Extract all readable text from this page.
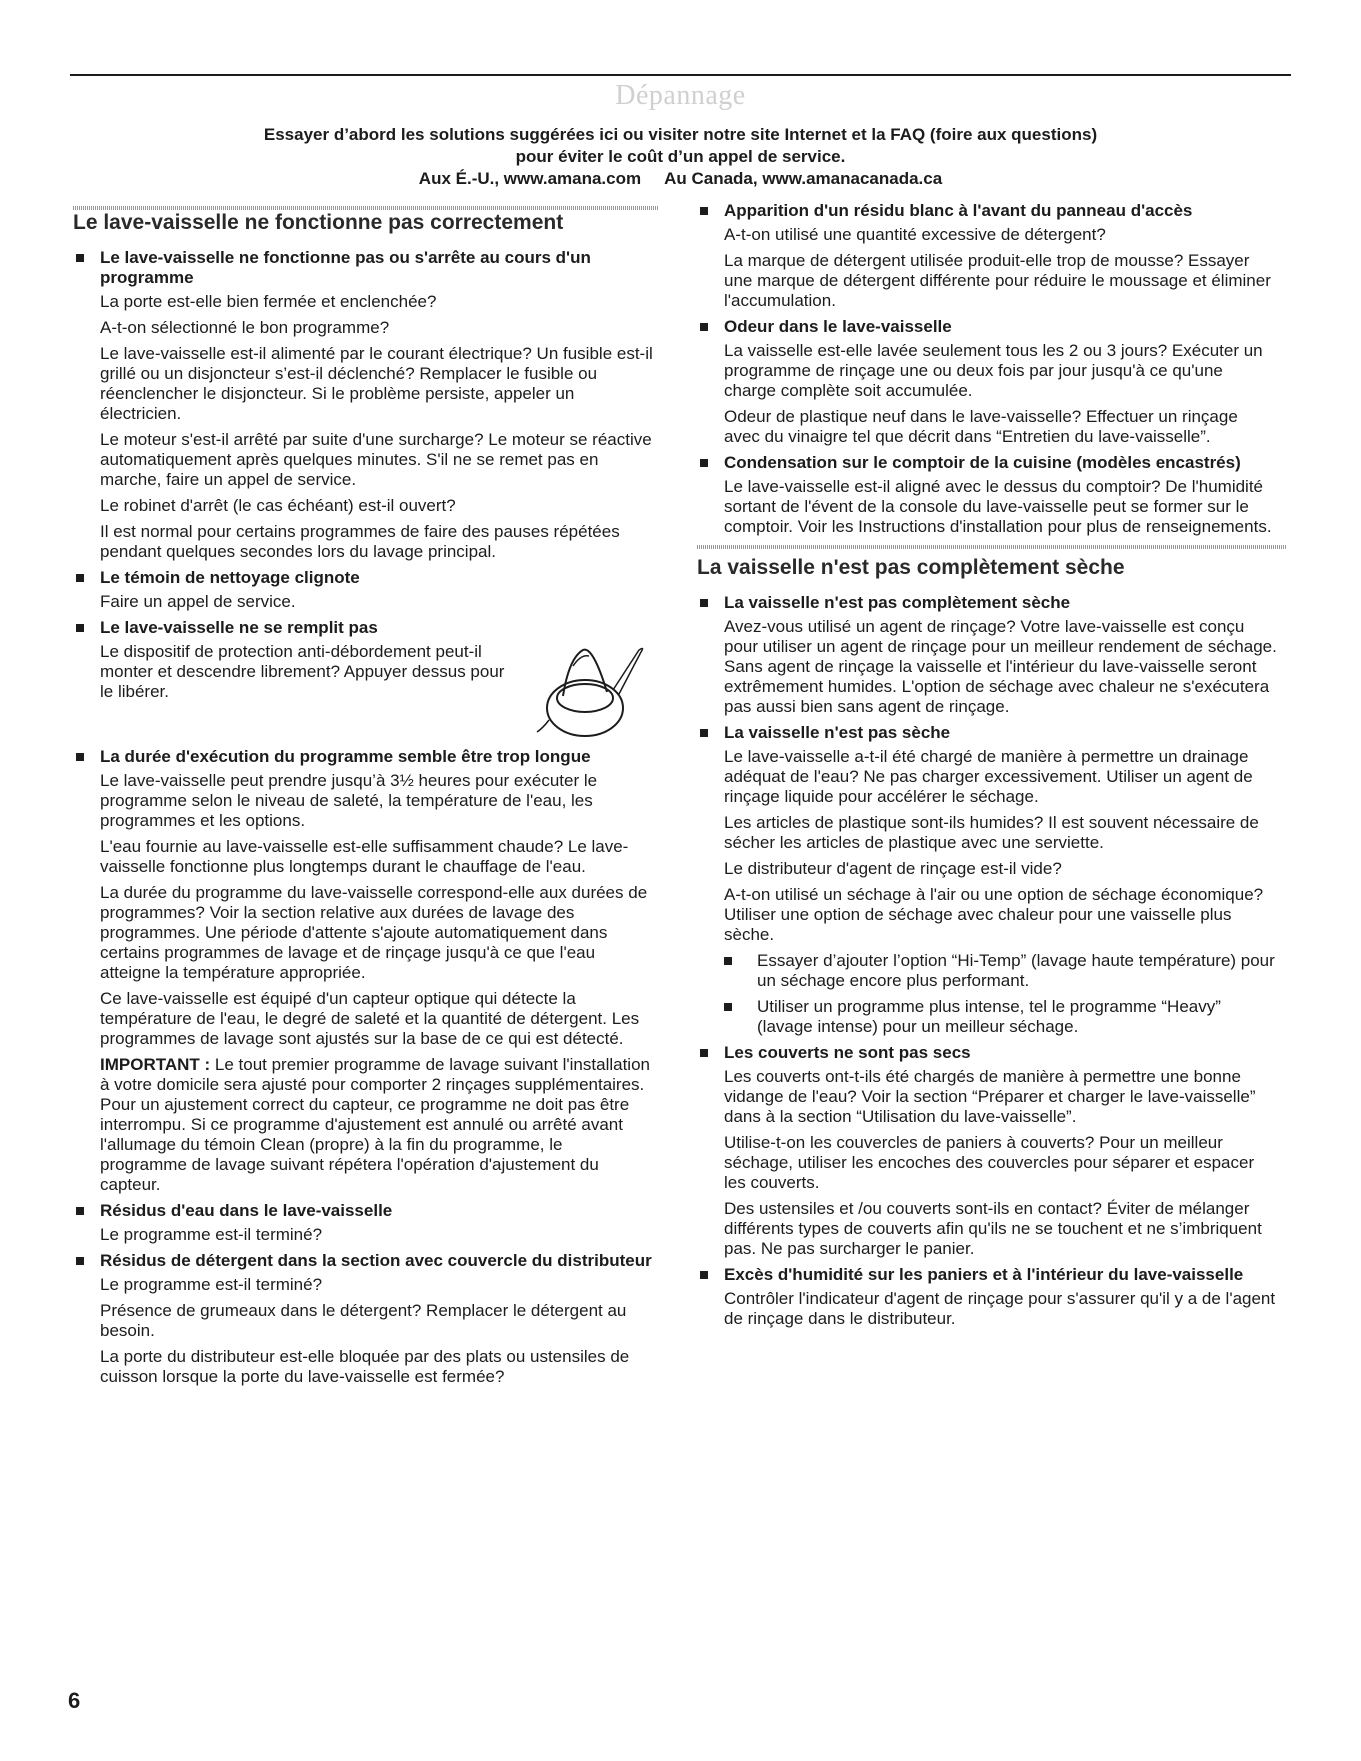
Dépannage
Essayer d’abord les solutions suggérées ici ou visiter notre site Internet et la FAQ (foire aux questions)
pour éviter le coût d’un appel de service.
Aux É.-U., www.amana.com     Au Canada, www.amanacanada.ca
Le lave-vaisselle ne fonctionne pas correctement
Le lave-vaisselle ne fonctionne pas ou s'arrête au cours d'un programme
La porte est-elle bien fermée et enclenchée?
A-t-on sélectionné le bon programme?
Le lave-vaisselle est-il alimenté par le courant électrique? Un fusible est-il grillé ou un disjoncteur s’est-il déclenché? Remplacer le fusible ou réenclencher le disjoncteur. Si le problème persiste, appeler un électricien.
Le moteur s'est-il arrêté par suite d'une surcharge? Le moteur se réactive automatiquement après quelques minutes. S'il ne se remet pas en marche, faire un appel de service.
Le robinet d'arrêt (le cas échéant) est-il ouvert?
Il est normal pour certains programmes de faire des pauses répétées pendant quelques secondes lors du lavage principal.
Le témoin de nettoyage clignote
Faire un appel de service.
Le lave-vaisselle ne se remplit pas
Le dispositif de protection anti-débordement peut-il monter et descendre librement? Appuyer dessus pour le libérer.
La durée d'exécution du programme semble être trop longue
Le lave-vaisselle peut prendre jusqu’à 3½ heures pour exécuter le programme selon le niveau de saleté, la température de l'eau, les programmes et les options.
L'eau fournie au lave-vaisselle est-elle suffisamment chaude? Le lave-vaisselle fonctionne plus longtemps durant le chauffage de l'eau.
La durée du programme du lave-vaisselle correspond-elle aux durées de programmes? Voir la section relative aux durées de lavage des programmes. Une période d'attente s'ajoute automatiquement dans certains programmes de lavage et de rinçage jusqu'à ce que l'eau atteigne la température appropriée.
Ce lave-vaisselle est équipé d'un capteur optique qui détecte la température de l'eau, le degré de saleté et la quantité de détergent. Les programmes de lavage sont ajustés sur la base de ce qui est détecté.
IMPORTANT : Le tout premier programme de lavage suivant l'installation à votre domicile sera ajusté pour comporter 2 rinçages supplémentaires. Pour un ajustement correct du capteur, ce programme ne doit pas être interrompu. Si ce programme d'ajustement est annulé ou arrêté avant l'allumage du témoin Clean (propre) à la fin du programme, le programme de lavage suivant répétera l'opération d'ajustement du capteur.
Résidus d'eau dans le lave-vaisselle
Le programme est-il terminé?
Résidus de détergent dans la section avec couvercle du distributeur
Le programme est-il terminé?
Présence de grumeaux dans le détergent? Remplacer le détergent au besoin.
La porte du distributeur est-elle bloquée par des plats ou ustensiles de cuisson lorsque la porte du lave-vaisselle est fermée?
Apparition d'un résidu blanc à l'avant du panneau d'accès
A-t-on utilisé une quantité excessive de détergent?
La marque de détergent utilisée produit-elle trop de mousse? Essayer une marque de détergent différente pour réduire le moussage et éliminer l'accumulation.
Odeur dans le lave-vaisselle
La vaisselle est-elle lavée seulement tous les 2 ou 3 jours? Exécuter un programme de rinçage une ou deux fois par jour jusqu'à ce qu'une charge complète soit accumulée.
Odeur de plastique neuf dans le lave-vaisselle? Effectuer un rinçage avec du vinaigre tel que décrit dans “Entretien du lave-vaisselle”.
Condensation sur le comptoir de la cuisine (modèles encastrés)
Le lave-vaisselle est-il aligné avec le dessus du comptoir? De l'humidité sortant de l'évent de la console du lave-vaisselle peut se former sur le comptoir. Voir les Instructions d'installation pour plus de renseignements.
La vaisselle n'est pas complètement sèche
La vaisselle n'est pas complètement sèche
Avez-vous utilisé un agent de rinçage? Votre lave-vaisselle est conçu pour utiliser un agent de rinçage pour un meilleur rendement de séchage. Sans agent de rinçage la vaisselle et l'intérieur du lave-vaisselle seront extrêmement humides. L'option de séchage avec chaleur ne s'exécutera pas aussi bien sans agent de rinçage.
La vaisselle n'est pas sèche
Le lave-vaisselle a-t-il été chargé de manière à permettre un drainage adéquat de l'eau? Ne pas charger excessivement. Utiliser un agent de rinçage liquide pour accélérer le séchage.
Les articles de plastique sont-ils humides? Il est souvent nécessaire de sécher les articles de plastique avec une serviette.
Le distributeur d'agent de rinçage est-il vide?
A-t-on utilisé un séchage à l'air ou une option de séchage économique? Utiliser une option de séchage avec chaleur pour une vaisselle plus sèche.
Essayer d’ajouter l’option “Hi-Temp” (lavage haute température) pour un séchage encore plus performant.
Utiliser un programme plus intense, tel le programme “Heavy” (lavage intense) pour un meilleur séchage.
Les couverts ne sont pas secs
Les couverts ont-t-ils été chargés de manière à permettre une bonne vidange de l'eau? Voir la section “Préparer et charger le lave-vaisselle” dans à la section “Utilisation du lave-vaisselle”.
Utilise-t-on les couvercles de paniers à couverts? Pour un meilleur séchage, utiliser les encoches des couvercles pour séparer et espacer les couverts.
Des ustensiles et /ou couverts sont-ils en contact? Éviter de mélanger différents types de couverts afin qu'ils ne se touchent et ne s’imbriquent pas. Ne pas surcharger le panier.
Excès d'humidité sur les paniers et à l'intérieur du lave-vaisselle
Contrôler l'indicateur d'agent de rinçage pour s'assurer qu'il y a de l'agent de rinçage dans le distributeur.
6
